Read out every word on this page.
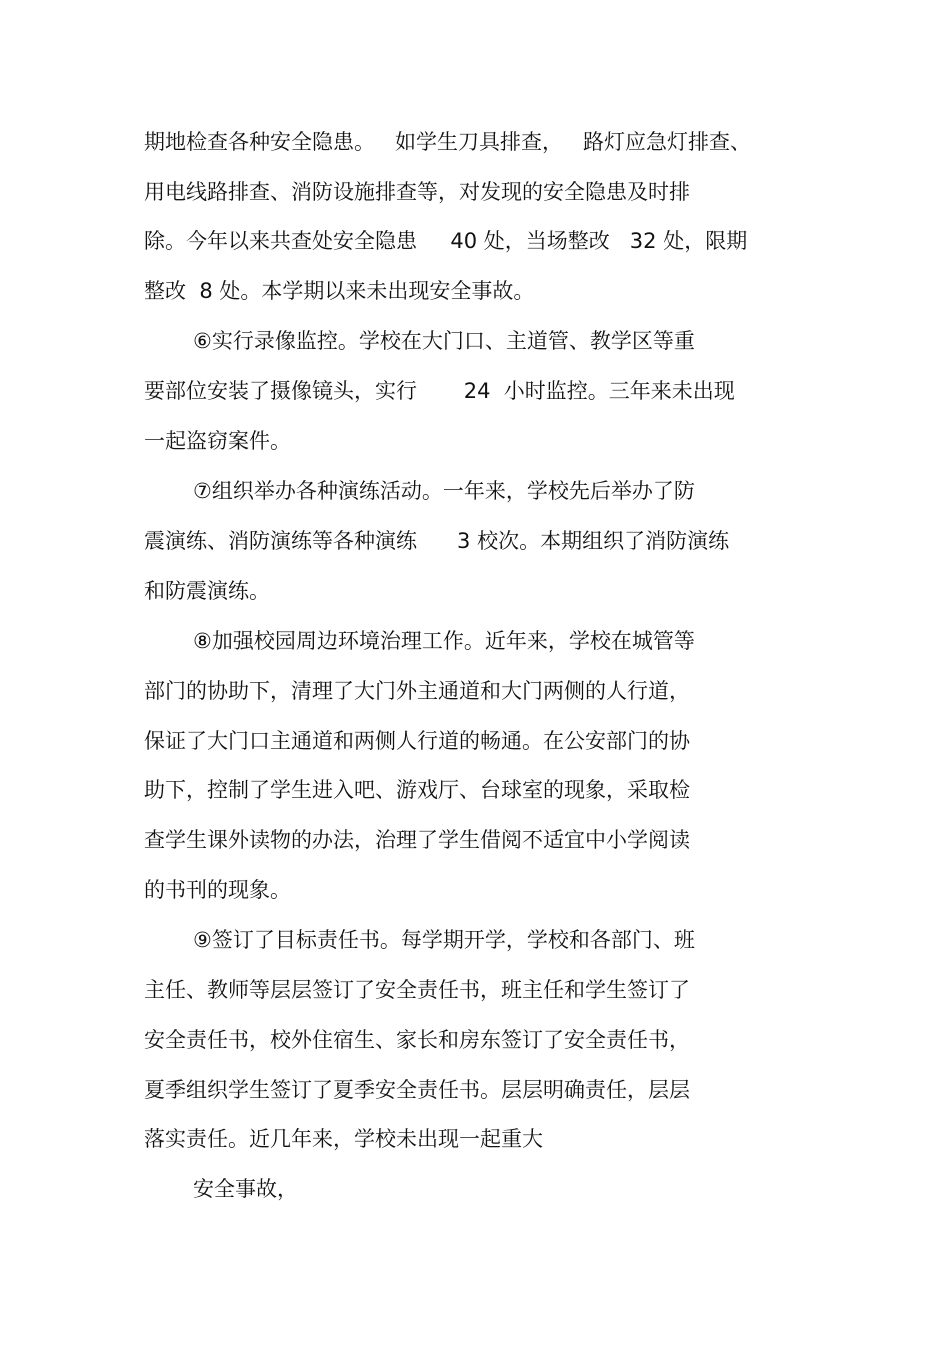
期地检查各种安全隐患。   如学生刀具排查，   路灯应急灯排查、
用电线路排查、消防设施排查等，对发现的安全隐患及时排
除。今年以来共查处安全隐患     40 处，当场整改   32 处，限期
整改  8 处。本学期以来未出现安全事故。
⑥实行录像监控。学校在大门口、主道管、教学区等重
要部位安装了摄像镜头，实行       24  小时监控。三年来未出现
一起盗窃案件。
⑦组织举办各种演练活动。一年来，学校先后举办了防
震演练、消防演练等各种演练      3 校次。本期组织了消防演练
和防震演练。
⑧加强校园周边环境治理工作。近年来，学校在城管等
部门的协助下，清理了大门外主通道和大门两侧的人行道，
保证了大门口主通道和两侧人行道的畅通。在公安部门的协
助下，控制了学生进入吧、游戏厅、台球室的现象，采取检
查学生课外读物的办法，治理了学生借阅不适宜中小学阅读
的书刊的现象。
⑨签订了目标责任书。每学期开学，学校和各部门、班
主任、教师等层层签订了安全责任书，班主任和学生签订了
安全责任书，校外住宿生、家长和房东签订了安全责任书，
夏季组织学生签订了夏季安全责任书。层层明确责任，层层
落实责任。近几年来，学校未出现一起重大
安全事故，
